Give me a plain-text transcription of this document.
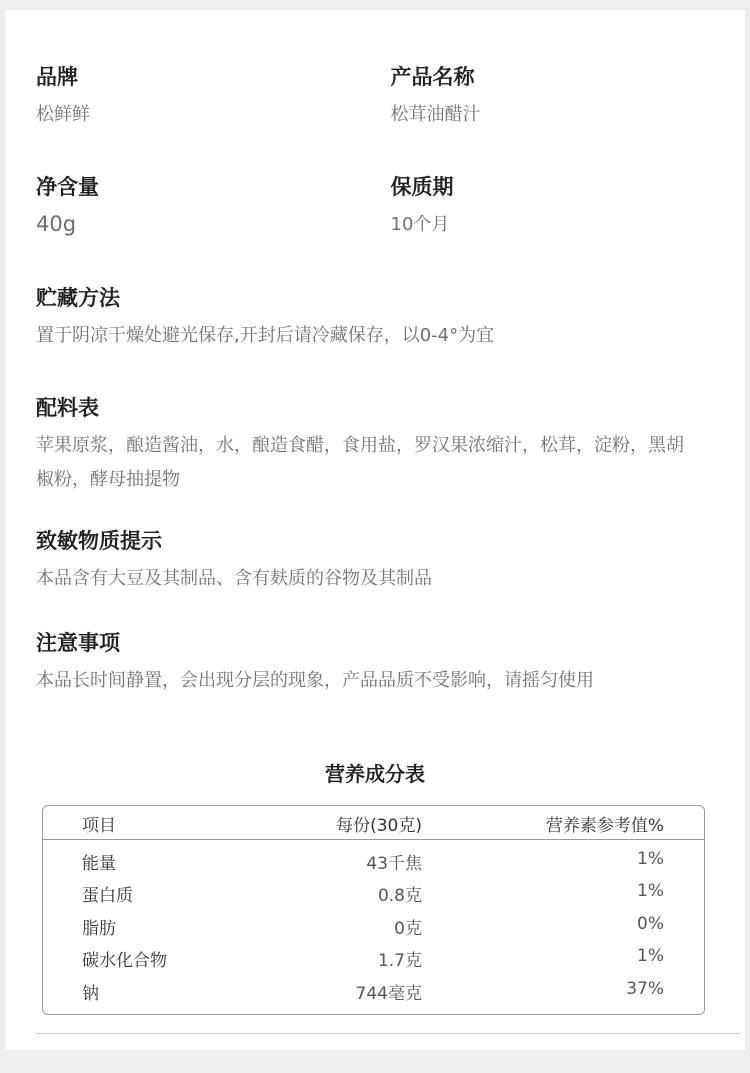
品牌
松鲜鲜
产品名称
松茸油醋汁
净含量
40g
保质期
10个月
贮藏方法
置于阴凉干燥处避光保存,开封后请冷藏保存，以0-4°为宜
配料表
苹果原浆，酿造酱油，水，酿造食醋，食用盐，罗汉果浓缩汁，松茸，淀粉，黑胡
椒粉，酵母抽提物
致敏物质提示
本品含有大豆及其制品、含有麸质的谷物及其制品
注意事项
本品长时间静置，会出现分层的现象，产品品质不受影响，请摇匀使用
营养成分表
项目	每份(30克)	营养素参考值%
能量	43千焦	1%
蛋白质	0.8克	1%
脂肪	0克	0%
碳水化合物	1.7克	1%
钠	744毫克	37%
